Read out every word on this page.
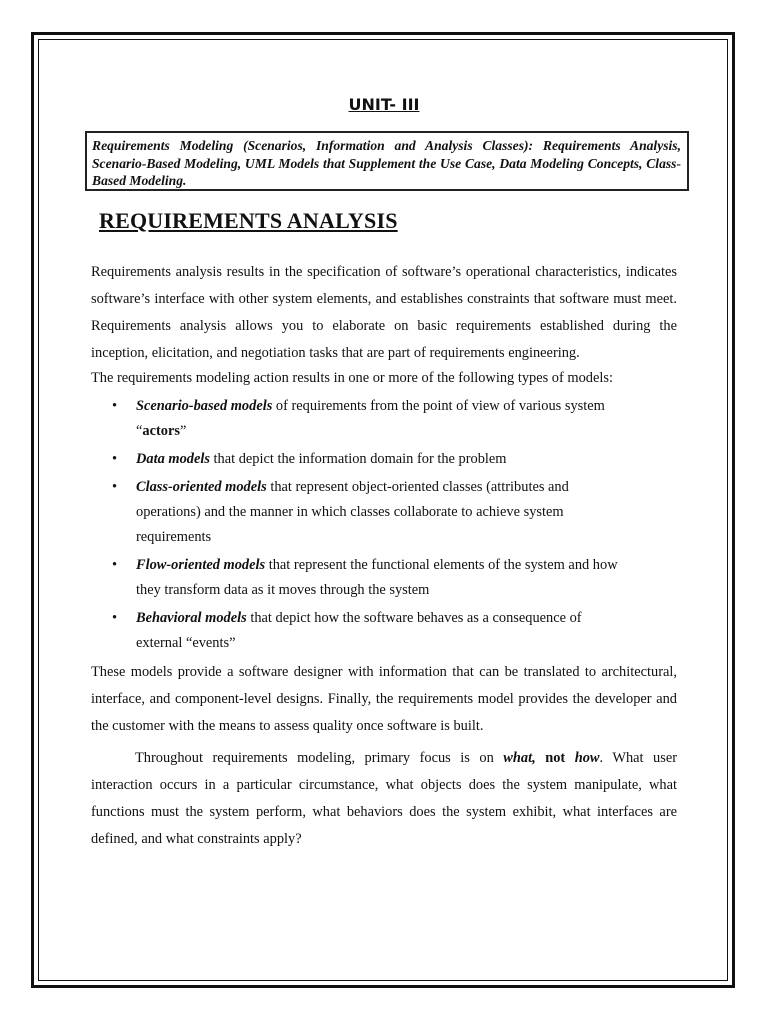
UNIT- III
Requirements Modeling (Scenarios, Information and Analysis Classes): Requirements Analysis, Scenario-Based Modeling, UML Models that Supplement the Use Case, Data Modeling Concepts, Class-Based Modeling.
REQUIREMENTS ANALYSIS

Requirements analysis results in the specification of software’s operational characteristics, indicates software’s interface with other system elements, and establishes constraints that software must meet. Requirements analysis allows you to elaborate on basic requirements established during the inception, elicitation, and negotiation tasks that are part of requirements engineering.

The requirements modeling action results in one or more of the following types of models:

• Scenario-based models of requirements from the point of view of various system “actors”
• Data models that depict the information domain for the problem
• Class-oriented models that represent object-oriented classes (attributes and operations) and the manner in which classes collaborate to achieve system requirements
• Flow-oriented models that represent the functional elements of the system and how they transform data as it moves through the system
• Behavioral models that depict how the software behaves as a consequence of external “events”

These models provide a software designer with information that can be translated to architectural, interface, and component-level designs. Finally, the requirements model provides the developer and the customer with the means to assess quality once software is built.

Throughout requirements modeling, primary focus is on what, not how. What user interaction occurs in a particular circumstance, what objects does the system manipulate, what functions must the system perform, what behaviors does the system exhibit, what interfaces are defined, and what constraints apply?
